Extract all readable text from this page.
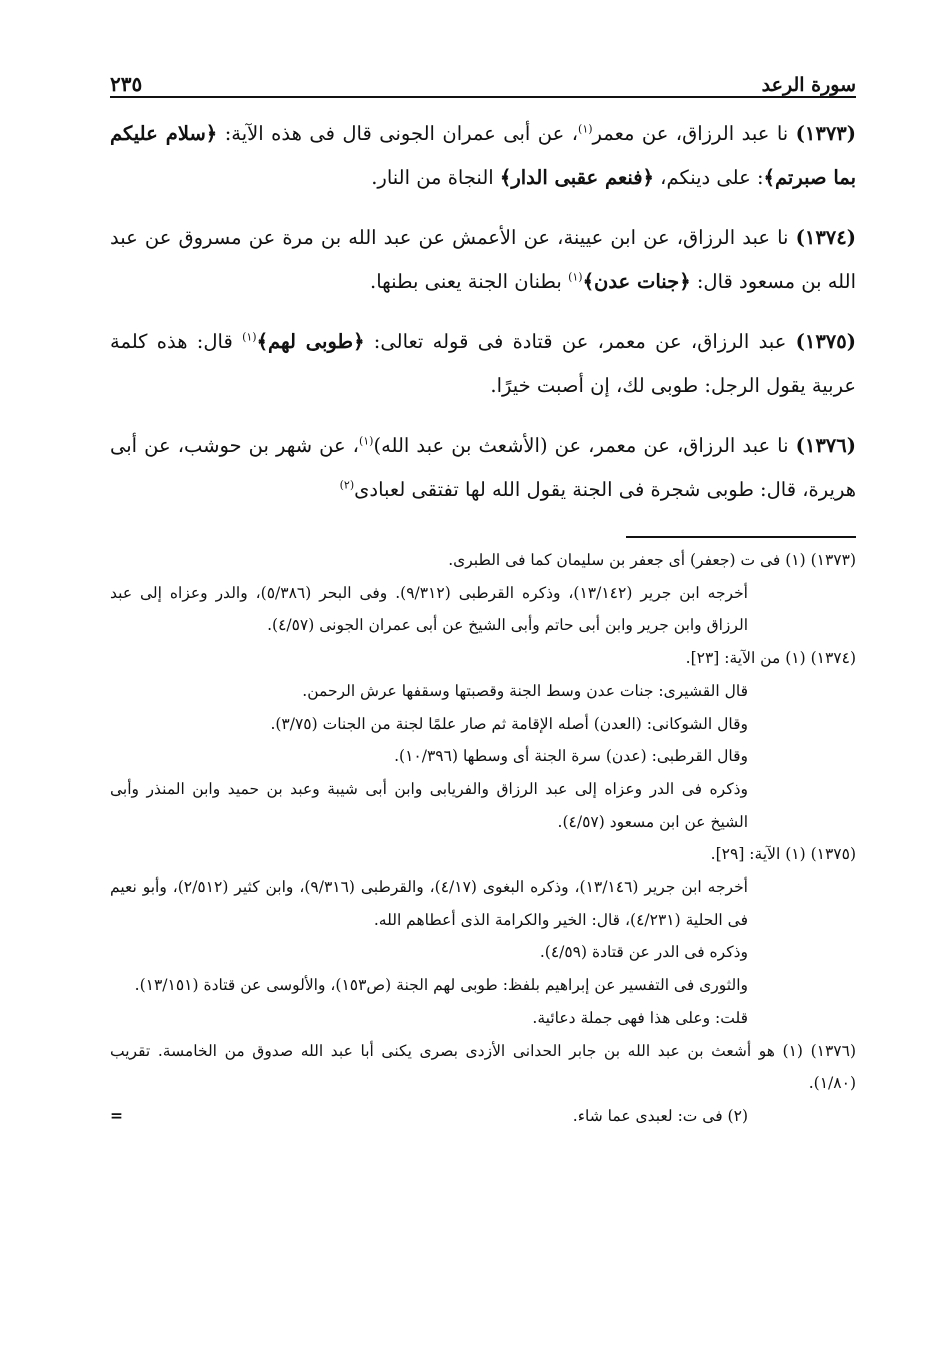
سورة الرعد
٢٣٥

(١٣٧٣) نا عبد الرزاق، عن معمر$^{(١)}$، عن أبى عمران الجونى قال فى هذه الآية: ﴿سلام عليكم بما صبرتم﴾: على دينكم، ﴿فنعم عقبى الدار﴾ النجاة من النار.

(١٣٧٤) نا عبد الرزاق، عن ابن عيينة، عن الأعمش عن عبد الله بن مرة عن مسروق عن عبد الله بن مسعود قال: ﴿جنات عدن﴾$^{(١)}$ بطنان الجنة يعنى بطنها.

(١٣٧٥) عبد الرزاق، عن معمر، عن قتادة فى قوله تعالى: ﴿طوبى لهم﴾$^{(١)}$ قال: هذه كلمة عربية يقول الرجل: طوبى لك، إن أصبت خيرًا.

(١٣٧٦) نا عبد الرزاق، عن معمر، عن (الأشعث بن عبد الله)$^{(١)}$، عن شهر بن حوشب، عن أبى هريرة، قال: طوبى شجرة فى الجنة يقول الله لها تفتقى لعبادى$^{(٢)}$

(١٣٧٣) (١) فى ت (جعفر) أى جعفر بن سليمان كما فى الطبرى.

أخرجه ابن جرير (١٣/١٤٢)، وذكره القرطبى (٩/٣١٢). وفى البحر (٥/٣٨٦)، والدر وعزاه إلى عبد الرزاق وابن جرير وابن أبى حاتم وأبى الشيخ عن أبى عمران الجونى (٤/٥٧).

(١٣٧٤) (١) من الآية: [٢٣].

قال القشيرى: جنات عدن وسط الجنة وقصبتها وسقفها عرش الرحمن.

وقال الشوكانى: (العدن) أصله الإقامة ثم صار علمًا لجنة من الجنات (٣/٧٥).

وقال القرطبى: (عدن) سرة الجنة أى وسطها (١٠/٣٩٦).

وذكره فى الدر وعزاه إلى عبد الرزاق والفريابى وابن أبى شيبة وعبد بن حميد وابن المنذر وأبى الشيخ عن ابن مسعود (٤/٥٧).

(١٣٧٥) (١) الآية: [٢٩].

أخرجه ابن جرير (١٣/١٤٦)، وذكره البغوى (٤/١٧)، والقرطبى (٩/٣١٦)، وابن كثير (٢/٥١٢)، وأبو نعيم فى الحلية (٤/٢٣١)، قال: الخير والكرامة الذى أعطاهم الله.

وذكره فى الدر عن قتادة (٤/٥٩).

والثورى فى التفسير عن إبراهيم بلفظ: طوبى لهم الجنة (ص١٥٣)، والألوسى عن قتادة (١٣/١٥١).

قلت: وعلى هذا فهى جملة دعائية.

(١٣٧٦) (١) هو أشعث بن عبد الله بن جابر الحدانى الأزدى بصرى يكنى أبا عبد الله صدوق من الخامسة. تقريب (١/٨٠).

(٢) فى ت: لعبدى عما شاء.
=
